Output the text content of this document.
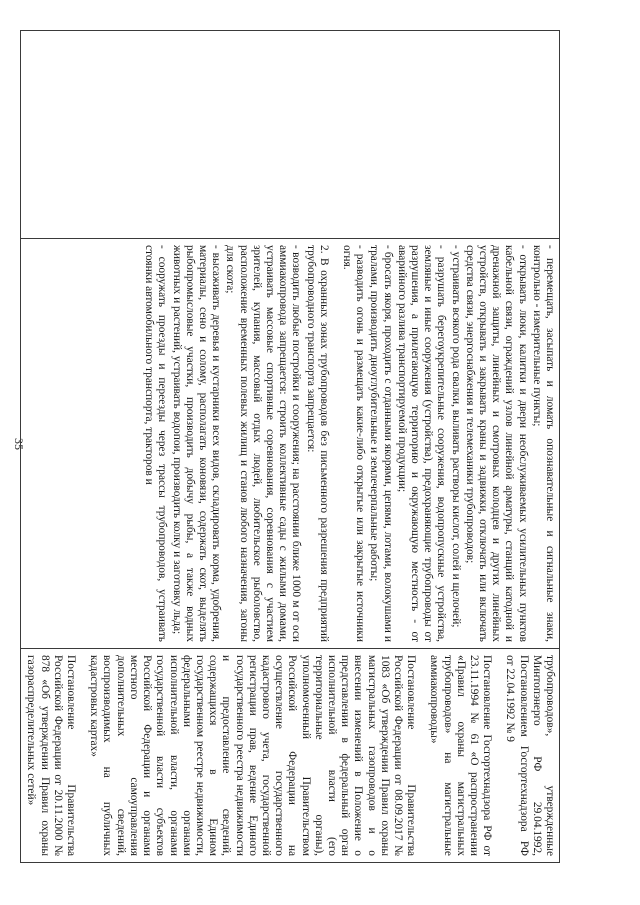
35
		- перемещать, засыпать и ломать опознавательные и сигнальные знаки, контрольно - измерительные пункты;

- открывать люки, калитки и двери необслуживаемых усилительных пунктов кабельной связи, ограждений узлов линейной арматуры, станций катодной и дренажной защиты, линейных и смотровых колодцев и других линейных устройств, открывать и закрывать краны и задвижки, отключать или включать средства связи, энергоснабжения и телемеханики трубопроводов;

- устраивать всякого рода свалки, выливать растворы кислот, солей и щелочей;

- разрушать берегоукрепительные сооружения, водопропускные устройства, земляные и иные сооружения (устройства), предохраняющие трубопроводы от разрушения, а прилегающую территорию и окружающую местность - от аварийного разлива транспортируемой продукции;

- бросать якоря, проходить с отданными якорями, цепями, лотами, волокушами и тралами, производить дноуглубительные и землечерпальные работы;

- разводить огонь и размещать какие-либо открытые или закрытые источники огня.

2. В охранных зонах трубопроводов без письменного разрешения предприятий трубопроводного транспорта запрещается:

- возводить любые постройки и сооружения; на расстоянии ближе 1000 м от оси аммиакопровода запрещается: строить коллективные сады с жилыми домами, устраивать массовые спортивные соревнования, соревнования с участием зрителей, купания, массовый отдых людей, любительское рыболовство, расположение временных полевых жилищ и станов любого назначения, загоны для скота;

- высаживать деревья и кустарники всех видов, складировать корма, удобрения, материалы, сено и солому, располагать коновязи, содержать скот, выделять рыбопромысловые участки, производить добычу рыбы, а также водных животных и растений, устраивать водопои, производить колку и заготовку льда;

- сооружать проезды и переезды через трассы трубопроводов, устраивать стоянки автомобильного транспорта, тракторов и

трубопроводов», утвержденные Минтопэнерго РФ 29.04.1992, Постановлением Госгортехнадзора РФ от 22.04.1992 № 9

Постановление Госгортехнадзора РФ от 23.11.1994 № 61 «О распространении «Правил охраны магистральных трубопроводов» на магистральные аммиакопроводы»

Постановление Правительства Российской Федерации от 08.09.2017 № 1083 «Об утверждении Правил охраны магистральных газопроводов и о внесении изменений в Положение о представлении в федеральный орган исполнительной власти (его территориальные органы), уполномоченный Правительством Российской Федерации на осуществление государственного кадастрового учета, государственной регистрации прав, ведение Единого государственного реестра недвижимости и предоставление сведений, содержащихся в Едином государственном реестре недвижимости, федеральными органами исполнительной власти, органами государственной власти субъектов Российской Федерации и органами местного самоуправления дополнительных сведений, воспроизводимых на публичных кадастровых картах»

Постановление Правительства Российской Федерации от 20.11.2000 № 878 «Об утверждении Правил охраны газораспределительных сетей»
